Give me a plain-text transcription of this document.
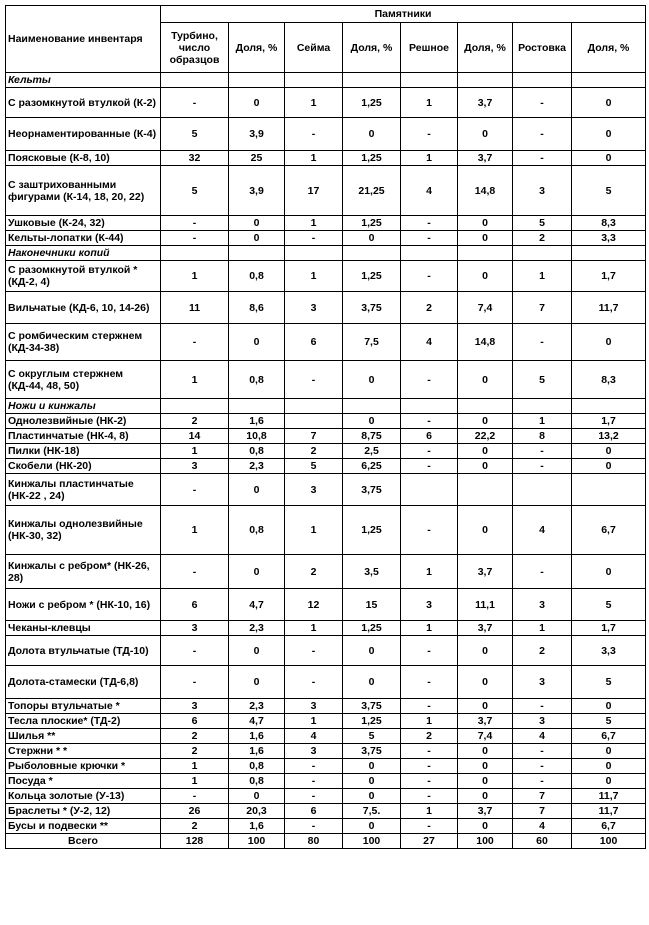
Наименование инвентаря	Памятники							
	Турбино, число образцов	Доля, %	Сейма	Доля, %	Решное	Доля, %	Ростовка	Доля, %
Кельты								
С разомкнутой втулкой (К-2)	-	0	1	1,25	1	3,7	-	0
Неорнаментированные (К-4)	5	3,9	-	0	-	0	-	0
Поясковые (К-8, 10)	32	25	1	1,25	1	3,7	-	0
С заштрихованными фигурами (К-14, 18, 20, 22)	5	3,9	17	21,25	4	14,8	3	5
Ушковые (К-24, 32)	-	0	1	1,25	-	0	5	8,3
Кельты-лопатки (К-44)	-	0	-	0	-	0	2	3,3
Наконечники копий								
С разомкнутой втулкой * (КД-2, 4)	1	0,8	1	1,25	-	0	1	1,7
Вильчатые (КД-6, 10, 14-26)	11	8,6	3	3,75	2	7,4	7	11,7
С ромбическим стержнем (КД-34-38)	-	0	6	7,5	4	14,8	-	0
С округлым стержнем (КД-44, 48, 50)	1	0,8	-	0	-	0	5	8,3
Ножи и кинжалы								
Однолезвийные (НК-2)	2	1,6		0	-	0	1	1,7
Пластинчатые (НК-4, 8)	14	10,8	7	8,75	6	22,2	8	13,2
Пилки (НК-18)	1	0,8	2	2,5	-	0	-	0
Скобели (НК-20)	3	2,3	5	6,25	-	0	-	0
Кинжалы пластинчатые (НК-22 , 24)	-	0	3	3,75				
Кинжалы однолезвийные (НК-30, 32)	1	0,8	1	1,25	-	0	4	6,7
Кинжалы с ребром* (НК-26, 28)	-	0	2	3,5	1	3,7	-	0
Ножи с ребром * (НК-10, 16)	6	4,7	12	15	3	11,1	3	5
Чеканы-клевцы	3	2,3	1	1,25	1	3,7	1	1,7
Долота втульчатые (ТД-10)	-	0	-	0	-	0	2	3,3
Долота-стамески (ТД-6,8)	-	0	-	0	-	0	3	5
Топоры втульчатые *	3	2,3	3	3,75	-	0	-	0
Тесла плоские* (ТД-2)	6	4,7	1	1,25	1	3,7	3	5
Шилья **	2	1,6	4	5	2	7,4	4	6,7
Стержни * *	2	1,6	3	3,75	-	0	-	0
Рыболовные крючки *	1	0,8	-	0	-	0	-	0
Посуда *	1	0,8	-	0	-	0	-	0
Кольца золотые (У-13)	-	0	-	0	-	0	7	11,7
Браслеты * (У-2, 12)	26	20,3	6	7,5.	1	3,7	7	11,7
Бусы и подвески **	2	1,6	-	0	-	0	4	6,7
Всего	128	100	80	100	27	100	60	100
